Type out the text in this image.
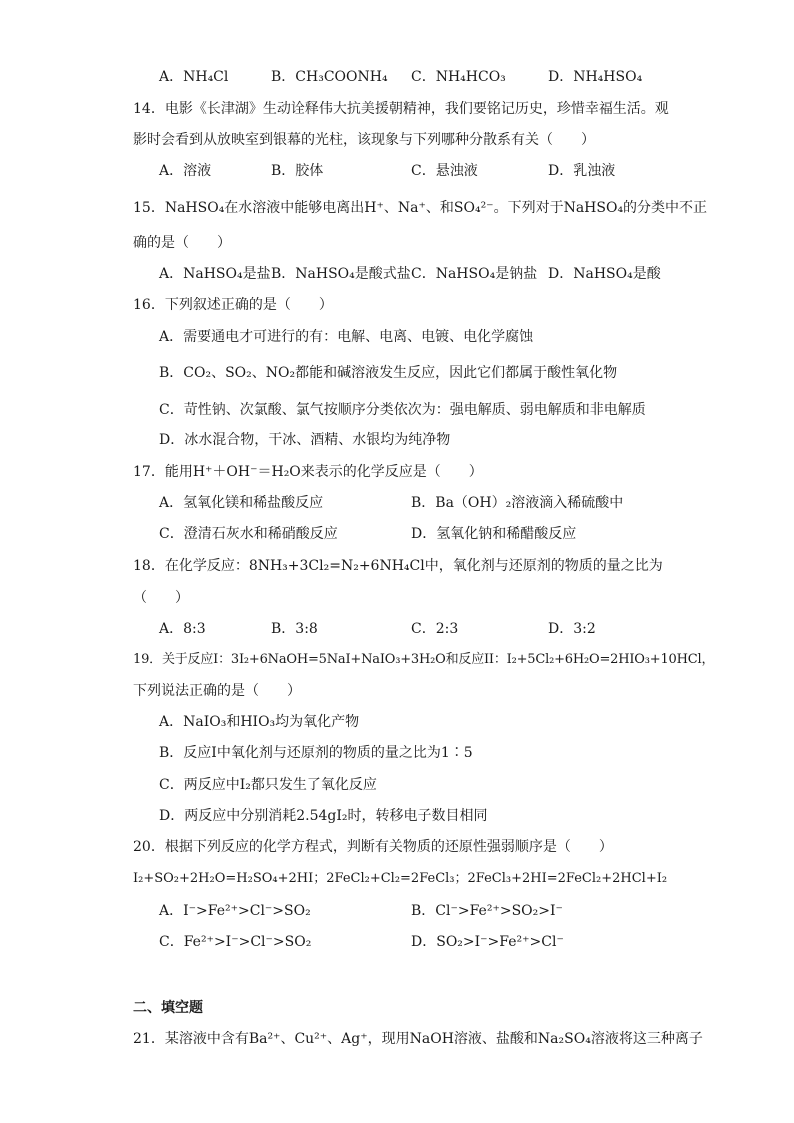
A．NH₄Cl	B．CH₃COONH₄ C．NH₄HCO₃	D．NH₄HSO₄
14．电影《长津湖》生动诠释伟大抗美援朝精神，我们要铭记历史，珍惜幸福生活。观
影时会看到从放映室到银幕的光柱，该现象与下列哪种分散系有关（　　）
A．溶液	B．胶体	C．悬浊液	D．乳浊液
15．NaHSO₄在水溶液中能够电离出H⁺、Na⁺、和SO₄²⁻。下列对于NaHSO₄的分类中不正
确的是（　　）
A．NaHSO₄是盐 B．NaHSO₄是酸式盐 C．NaHSO₄是钠盐 D．NaHSO₄是酸
16．下列叙述正确的是（　　）
A．需要通电才可进行的有：电解、电离、电镀、电化学腐蚀
B．CO₂、SO₂、NO₂都能和碱溶液发生反应，因此它们都属于酸性氧化物
C．苛性钠、次氯酸、氯气按顺序分类依次为：强电解质、弱电解质和非电解质
D．冰水混合物，干冰、酒精、水银均为纯净物
17．能用H⁺＋OH⁻＝H₂O来表示的化学反应是（　　）
A．氢氧化镁和稀盐酸反应	B．Ba（OH）₂溶液滴入稀硫酸中
C．澄清石灰水和稀硝酸反应	D．氢氧化钠和稀醋酸反应
18．在化学反应：8NH₃+3Cl₂=N₂+6NH₄Cl中，氧化剂与还原剂的物质的量之比为
（　　）
A．8:3	B．3:8	C．2:3	D．3:2
19．关于反应I：3I₂+6NaOH=5NaI+NaIO₃+3H₂O和反应II：I₂+5Cl₂+6H₂O=2HIO₃+10HCl，
下列说法正确的是（　　）
A．NaIO₃和HIO₃均为氧化产物
B．反应I中氧化剂与还原剂的物质的量之比为1∶5
C．两反应中I₂都只发生了氧化反应
D．两反应中分别消耗2.54gI₂时，转移电子数目相同
20．根据下列反应的化学方程式，判断有关物质的还原性强弱顺序是（　　）
I₂+SO₂+2H₂O=H₂SO₄+2HI；2FeCl₂+Cl₂=2FeCl₃；2FeCl₃+2HI=2FeCl₂+2HCl+I₂
A．I⁻>Fe²⁺>Cl⁻>SO₂	B．Cl⁻>Fe²⁺>SO₂>I⁻
C．Fe²⁺>I⁻>Cl⁻>SO₂	D．SO₂>I⁻>Fe²⁺>Cl⁻
二、填空题
21．某溶液中含有Ba²⁺、Cu²⁺、Ag⁺，现用NaOH溶液、盐酸和Na₂SO₄溶液将这三种离子
